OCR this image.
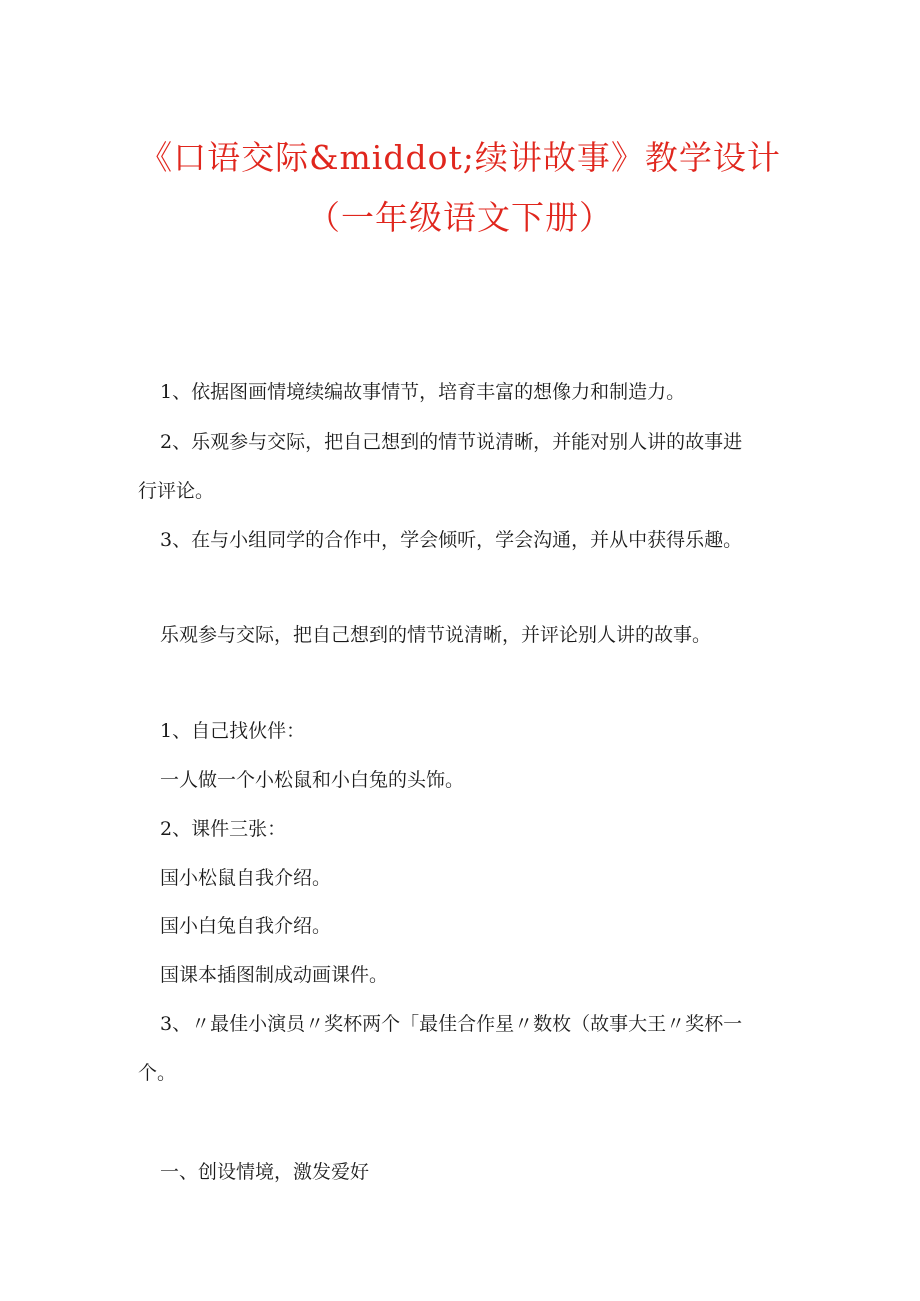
《口语交际&middot;续讲故事》教学设计
（一年级语文下册）
1、依据图画情境续编故事情节，培育丰富的想像力和制造力。
2、乐观参与交际，把自己想到的情节说清晰，并能对别人讲的故事进
行评论。
3、在与小组同学的合作中，学会倾听，学会沟通，并从中获得乐趣。
乐观参与交际，把自己想到的情节说清晰，并评论别人讲的故事。
1、自己找伙伴：
一人做一个小松鼠和小白兔的头饰。
2、课件三张：
国小松鼠自我介绍。
国小白兔自我介绍。
国课本插图制成动画课件。
3、〃最佳小演员〃奖杯两个「最佳合作星〃数枚（故事大王〃奖杯一
个。
一、创设情境，激发爱好
